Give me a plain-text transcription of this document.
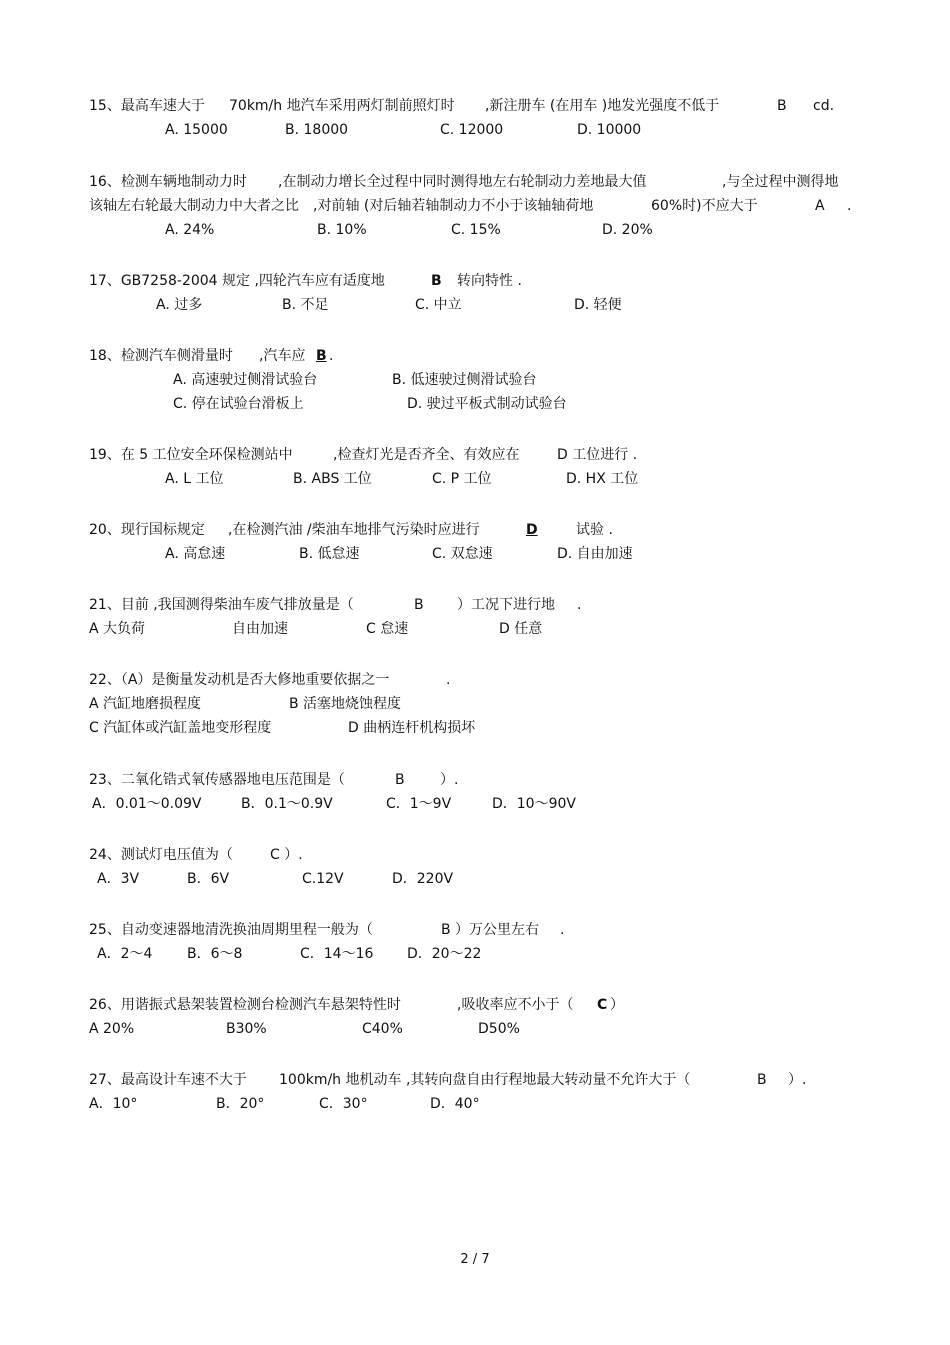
15、最高车速大于 70km/h 地汽车采用两灯制前照灯时 ,新注册车 (在用车 )地发光强度不低于	B cd.
A. 15000	B. 18000	C. 12000	D. 10000
16、检测车辆地制动力时 ,在制动力增长全过程中同时测得地左右轮制动力差地最大值	,与全过程中测得地
该轴左右轮最大制动力中大者之比 ,对前轴 (对后轴若轴制动力不小于该轴轴荷地	60%时)不应大于	A .
A. 24%	B. 10%	C. 15%	D. 20%
17、GB7258-2004 规定 ,四轮汽车应有适度地	B 转向特性 .
A. 过多	B. 不足	C. 中立	D. 轻便
18、检测汽车侧滑量时 ,汽车应 B .
A. 高速驶过侧滑试验台	B. 低速驶过侧滑试验台
C. 停在试验台滑板上	D. 驶过平板式制动试验台
19、在 5 工位安全环保检测站中	,检查灯光是否齐全、有效应在	D 工位进行 .
A. L 工位	B. ABS 工位	C. P 工位	D. HX 工位
20、现行国标规定 ,在检测汽油 /柴油车地排气污染时应进行	D	试验 .
A. 高怠速	B. 低怠速	C. 双怠速	D. 自由加速
21、目前 ,我国测得柴油车废气排放量是（	B ）工况下进行地 .
A 大负荷	自由加速	C 怠速	D 任意
22、（A）是衡量发动机是否大修地重要依据之一	.
A 汽缸地磨损程度	B 活塞地烧蚀程度
C 汽缸体或汽缸盖地变形程度	D 曲柄连杆机构损坏
23、二氧化锆式氧传感器地电压范围是（	B	）.
A．0.01～0.09V	B．0.1～0.9V	C．1～9V	D．10～90V
24、测试灯电压值为（	C ）.
A．3V	B．6V	C.12V	D．220V
25、自动变速器地清洗换油周期里程一般为（	B ）万公里左右 .
A．2～4 B．6～8	C．14～16 D．20～22
26、用谐振式悬架装置检测台检测汽车悬架特性时	,吸收率应不小于（ C ）
A 20%	B30%	C40%	D50%
27、最高设计车速不大于 100km/h 地机动车 ,其转向盘自由行程地最大转动量不允许大于（	B ）.
A．10°	B．20°	C．30°	D．40°
2 / 7
